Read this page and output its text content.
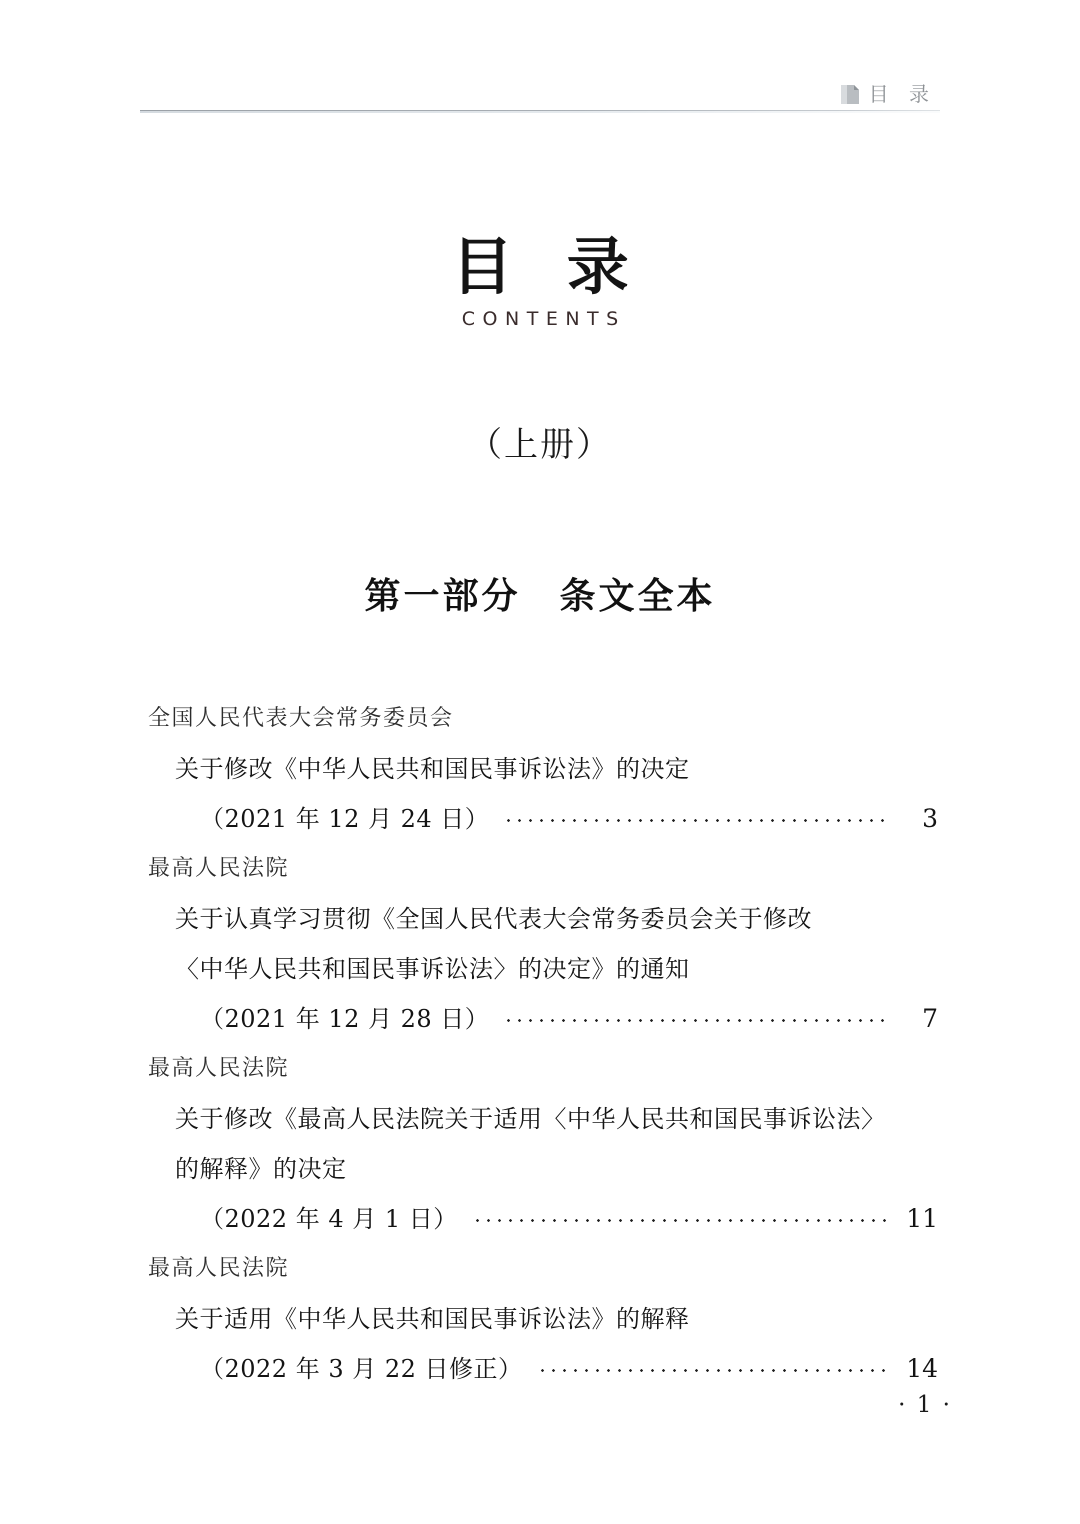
目 录
目 录
CONTENTS
（上册）
第一部分　条文全本
全国人民代表大会常务委员会
关于修改《中华人民共和国民事诉讼法》的决定
（2021 年 12 月 24 日）	3
最高人民法院
关于认真学习贯彻《全国人民代表大会常务委员会关于修改
〈中华人民共和国民事诉讼法〉的决定》的通知
（2021 年 12 月 28 日）	7
最高人民法院
关于修改《最高人民法院关于适用〈中华人民共和国民事诉讼法〉
的解释》的决定
（2022 年 4 月 1 日）	11
最高人民法院
关于适用《中华人民共和国民事诉讼法》的解释
（2022 年 3 月 22 日修正）	14
· 1 ·
